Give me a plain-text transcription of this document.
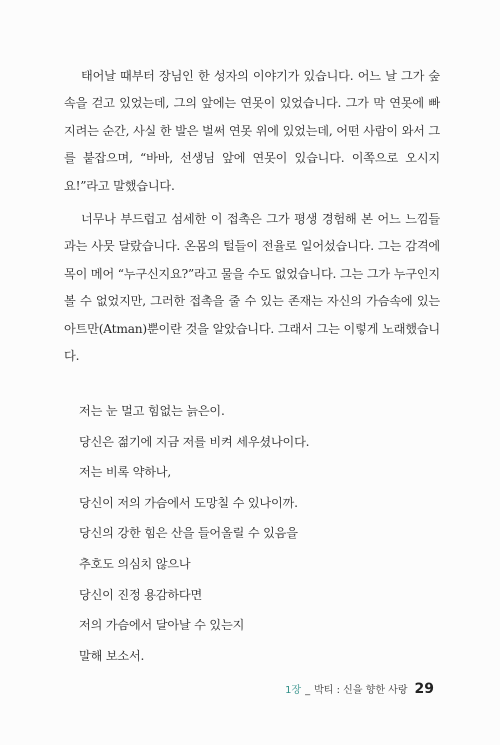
태어날 때부터 장님인 한 성자의 이야기가 있습니다. 어느 날 그가 숲속을 걷고 있었는데, 그의 앞에는 연못이 있었습니다. 그가 막 연못에 빠지려는 순간, 사실 한 발은 벌써 연못 위에 있었는데, 어떤 사람이 와서 그를 붙잡으며, “바바, 선생님 앞에 연못이 있습니다. 이쪽으로 오시지요!”라고 말했습니다.

너무나 부드럽고 섬세한 이 접촉은 그가 평생 경험해 본 어느 느낌들과는 사뭇 달랐습니다. 온몸의 털들이 전율로 일어섰습니다. 그는 감격에 목이 메어 “누구신지요?”라고 물을 수도 없었습니다. 그는 그가 누구인지 볼 수 없었지만, 그러한 접촉을 줄 수 있는 존재는 자신의 가슴속에 있는 아트만(Atman)뿐이란 것을 알았습니다. 그래서 그는 이렇게 노래했습니다.

저는 눈 멀고 힘없는 늙은이.
당신은 젊기에 지금 저를 비켜 세우셨나이다.
저는 비록 약하나,
당신이 저의 가슴에서 도망칠 수 있나이까.
당신의 강한 힘은 산을 들어올릴 수 있음을
추호도 의심치 않으나
당신이 진정 용감하다면
저의 가슴에서 달아날 수 있는지
말해 보소서.
1장 _ 박티 : 신을 향한 사랑 29
